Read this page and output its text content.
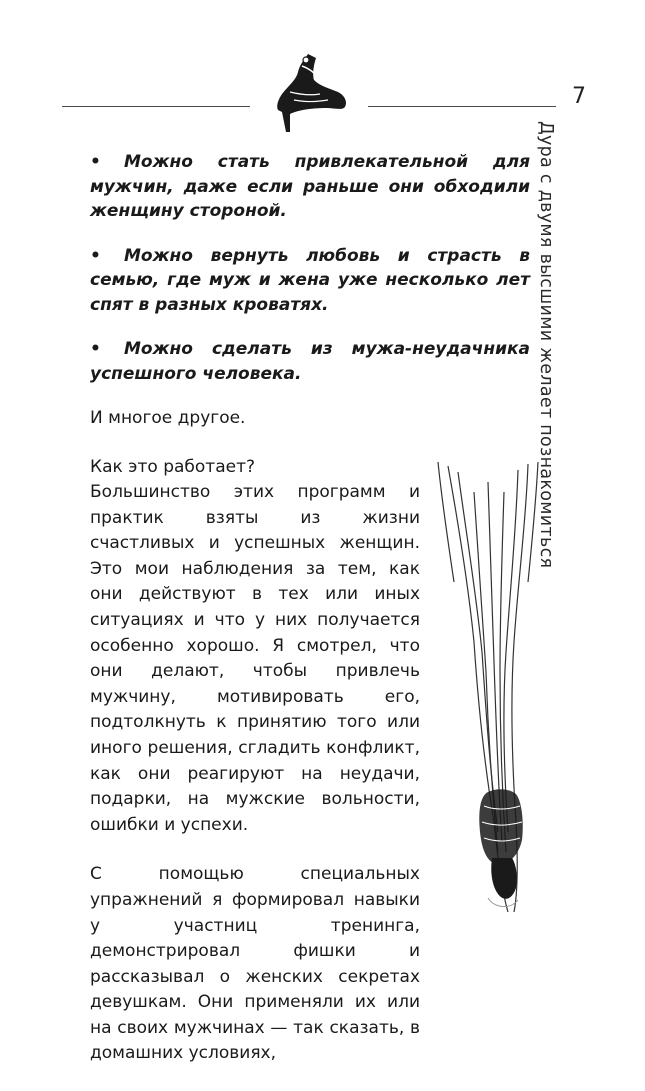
7
Дура с двумя высшими желает познакомиться
• Можно стать привлекательной для мужчин, даже если раньше они обходили женщину стороной.
• Можно вернуть любовь и страсть в семью, где муж и жена уже несколько лет спят в разных кроватях.
• Можно сделать из мужа-неудачника успешного человека.

И многое другое.

Как это работает?

Большинство этих программ и практик взяты из жизни счастливых и успешных женщин. Это мои наблюдения за тем, как они действуют в тех или иных ситуациях и что у них получается особенно хорошо. Я смотрел, что они делают, чтобы привлечь мужчину, мотивировать его, подтолкнуть к принятию того или иного решения, сгладить конфликт, как они реагируют на неудачи, подарки, на мужские вольности, ошибки и успехи.

С помощью специальных упражнений я формировал навыки у участниц тренинга, демонстрировал фишки и рассказывал о женских секретах девушкам. Они применяли их или на своих мужчинах — так сказать, в домашних условиях,
